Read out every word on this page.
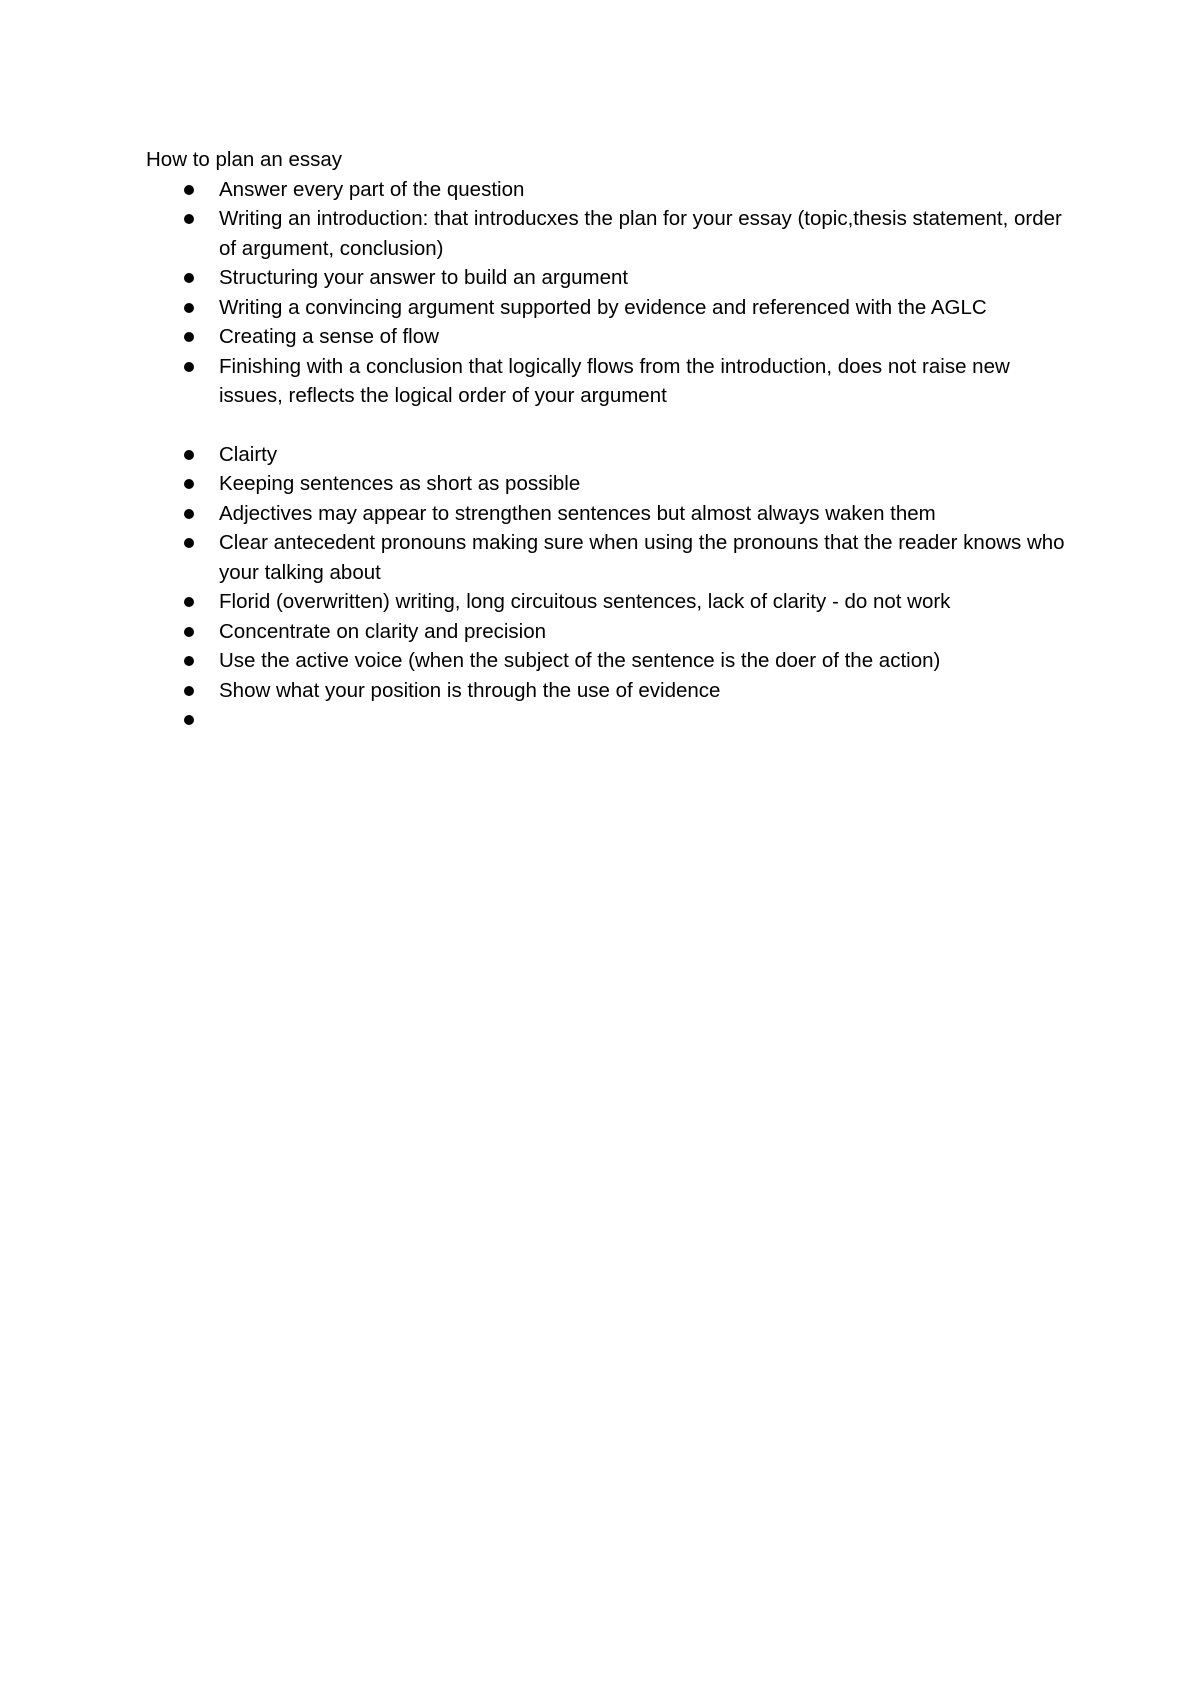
How to plan an essay
Answer every part of the question
Writing an introduction: that introducxes the plan for your essay (topic,thesis statement, order of argument, conclusion)
Structuring your answer to build an argument
Writing a convincing argument supported by evidence and referenced with the AGLC
Creating a sense of flow
Finishing with a conclusion that logically flows from the introduction, does not raise new issues, reflects the logical order of your argument
Clairty
Keeping sentences as short as possible
Adjectives may appear to strengthen sentences but almost always waken them
Clear antecedent pronouns making sure when using the pronouns that the reader knows who your talking about
Florid (overwritten) writing, long circuitous sentences, lack of clarity - do not work
Concentrate on clarity and precision
Use the active voice (when the subject of the sentence is the doer of the action)
Show what your position is through the use of evidence
